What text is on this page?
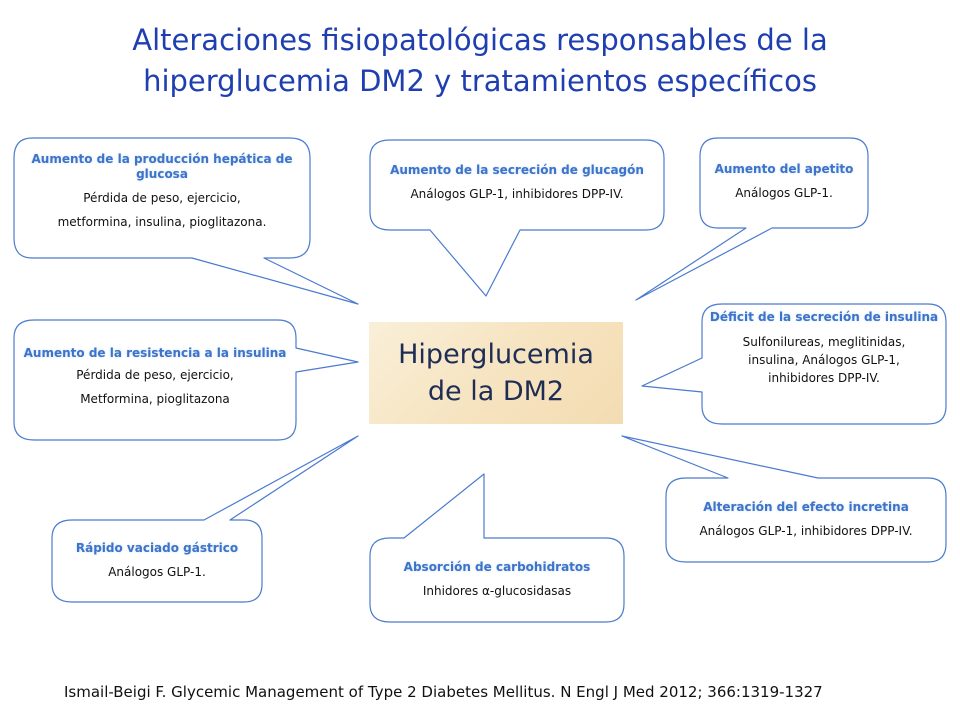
Alteraciones fisiopatológicas responsables de la
hiperglucemia DM2 y tratamientos específicos
Hiperglucemia
de la DM2
Aumento de la producción hepática de glucosa
Pérdida de peso, ejercicio,
metformina, insulina, pioglitazona.
Aumento de la secreción de glucagón
Análogos GLP-1, inhibidores DPP-IV.
Aumento del apetito
Análogos GLP-1.
Déficit de la secreción de insulina
Sulfonilureas, meglitinidas,
insulina, Análogos GLP-1,
inhibidores DPP-IV.
Aumento de la resistencia a la insulina
Pérdida de peso, ejercicio,
Metformina, pioglitazona
Alteración del efecto incretina
Análogos GLP-1, inhibidores DPP-IV.
Rápido vaciado gástrico
Análogos GLP-1.	Absorción de carbohidratos
Inhidores α-glucosidasas
Ismail-Beigi F. Glycemic Management of Type 2 Diabetes Mellitus. N Engl J Med 2012; 366:1319-1327
